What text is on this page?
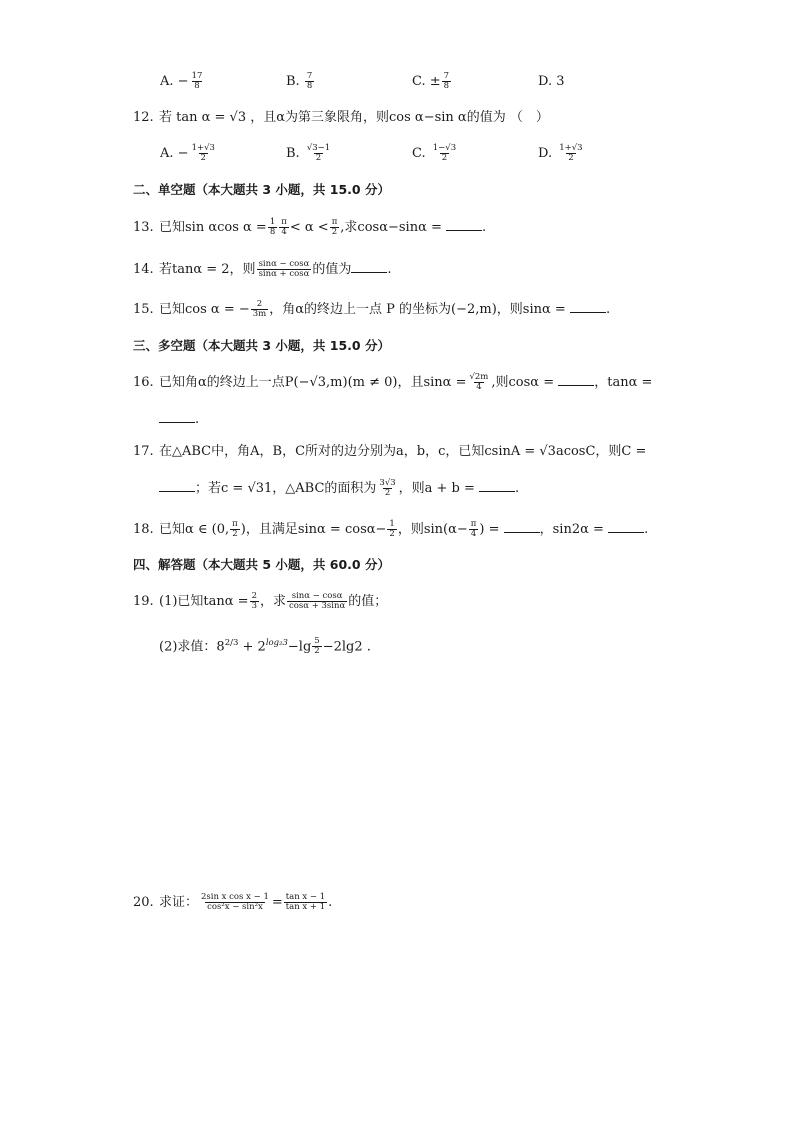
A. − $\frac{17}{8}$	B. $\frac{7}{8}$	C. ± $\frac{7}{8}$	D. 3
12. 若 tan α = √3 ，且α为第三象限角，则cos α−sin α的值为 （　）
A. − $\frac{1+√3}{2}$	B. $\frac{√3-1}{2}$	C. $\frac{1-√3}{2}$	D. $\frac{1+√3}{2}$
二、单空题（本大题共 3 小题，共 15.0 分）
13. 已知sin αcos $\alpha = \frac{1}{8} \frac{\pi}{4} < \alpha < \frac{\pi}{2}$ ,求cosα−sinα =	.
14. 若tanα = 2，则 $\frac{\sin\alpha - \cos\alpha}{\sin\alpha + \cos\alpha}$ 的值为	.
15. 已知cos α = − $\frac{2}{3m}$ ，角α的终边上一点 P 的坐标为(−2,m)，则sinα =	.
三、多空题（本大题共 3 小题，共 15.0 分）
16. 已知角α的终边上一点P(−√3,m)(m ≠ 0)，且$\sin\alpha = \frac{√2m}{4}$ ,则cosα =	，tanα =
.
17. 在△ABC中，角A，B，C所对的边分别为a，b，c，已知csinA = √3acosC，则C =
；若c = √31，△ABC的面积为 $\frac{3√3}{2}$ ，则a + b =	.
18. 已知α ∈ (0, $\frac{\pi}{2}$ )，且满足$\sin\alpha = \cos\alpha- \frac{1}{2}$ ，则$\sin(\alpha- \frac{\pi}{4}$ ) =	，sin2α =	.
四、解答题（本大题共 5 小题，共 60.0 分）
19. (1)已知$\tan\alpha = \frac{2}{3}$ ，求 $\frac{\sin\alpha - \cos\alpha}{\cos\alpha + 3\sin\alpha}$ 的值；
(2)求值：$8^{2/3} + 2^{log_23}-\lg \frac{5}{2} -2\lg 2$ .
20. 求证： $\frac{\text{2sin x cos x − 1}}{\text{cos²x − sin²x}} = \frac{\text{tan x − 1}}{\text{tan x + 1}}$ .
